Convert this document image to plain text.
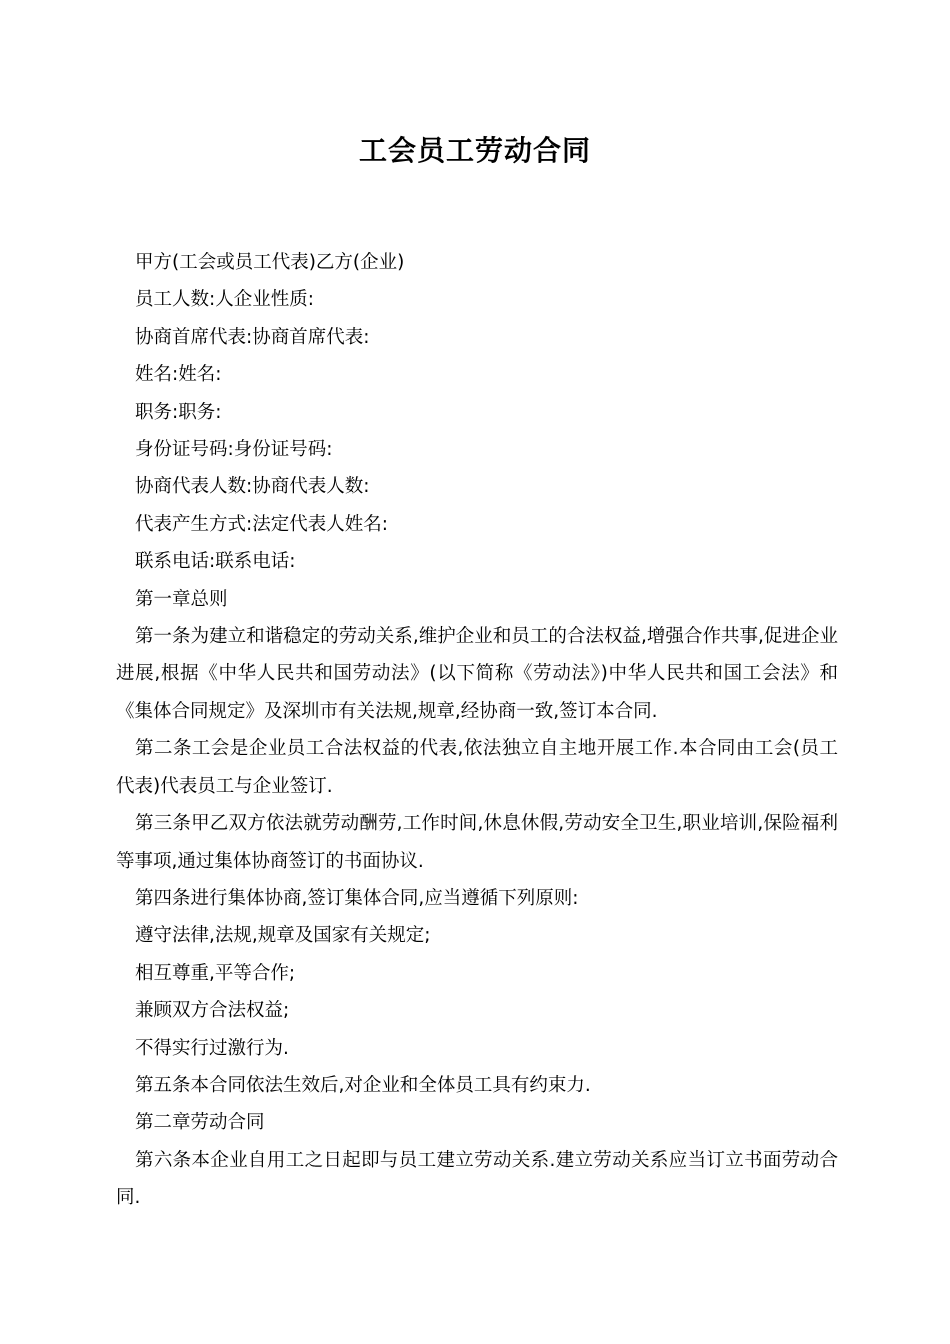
工会员工劳动合同

甲方(工会或员工代表)乙方(企业)

员工人数:人企业性质:

协商首席代表:协商首席代表:

姓名:姓名:

职务:职务:

身份证号码:身份证号码:

协商代表人数:协商代表人数:

代表产生方式:法定代表人姓名:

联系电话:联系电话:

第一章总则

第一条为建立和谐稳定的劳动关系,维护企业和员工的合法权益,增强合作共事,促进企业进展,根据《中华人民共和国劳动法》(以下简称《劳动法》)中华人民共和国工会法》和《集体合同规定》及深圳市有关法规,规章,经协商一致,签订本合同.

第二条工会是企业员工合法权益的代表,依法独立自主地开展工作.本合同由工会(员工代表)代表员工与企业签订.

第三条甲乙双方依法就劳动酬劳,工作时间,休息休假,劳动安全卫生,职业培训,保险福利等事项,通过集体协商签订的书面协议.

第四条进行集体协商,签订集体合同,应当遵循下列原则:

遵守法律,法规,规章及国家有关规定;

相互尊重,平等合作;

兼顾双方合法权益;

不得实行过激行为.

第五条本合同依法生效后,对企业和全体员工具有约束力.

第二章劳动合同

第六条本企业自用工之日起即与员工建立劳动关系.建立劳动关系应当订立书面劳动合同.
